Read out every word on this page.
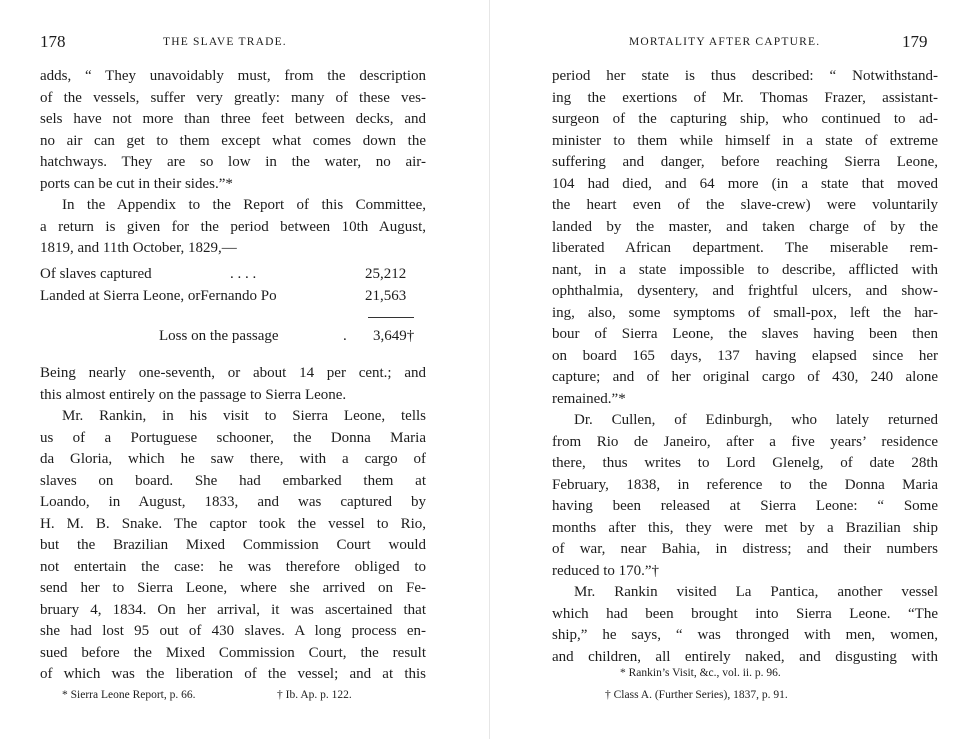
178	THE SLAVE TRADE.
adds, “ They unavoidably must, from the description
of the vessels, suffer very greatly: many of these ves-
sels have not more than three feet between decks, and
no air can get to them except what comes down the
hatchways. They are so low in the water, no air-
ports can be cut in their sides.”*
In the Appendix to the Report of this Committee,
a return is given for the period between 10th August,
1819, and 11th October, 1829,—
Of slaves captured	. . . .	25,212
Landed at Sierra Leone, orFernando Po	21,563
Loss on the passage	. 3,649†
Being nearly one-seventh, or about 14 per cent.; and
this almost entirely on the passage to Sierra Leone.
Mr. Rankin, in his visit to Sierra Leone, tells
us of a Portuguese schooner, the Donna Maria
da Gloria, which he saw there, with a cargo of
slaves on board. She had embarked them at
Loando, in August, 1833, and was captured by
H. M. B. Snake. The captor took the vessel to Rio,
but the Brazilian Mixed Commission Court would
not entertain the case: he was therefore obliged to
send her to Sierra Leone, where she arrived on Fe-
bruary 4, 1834. On her arrival, it was ascertained that
she had lost 95 out of 430 slaves. A long process en-
sued before the Mixed Commission Court, the result
of which was the liberation of the vessel; and at this
* Sierra Leone Report, p. 66.	† Ib. Ap. p. 122.
MORTALITY AFTER CAPTURE.	179
period her state is thus described: “ Notwithstand-
ing the exertions of Mr. Thomas Frazer, assistant-
surgeon of the capturing ship, who continued to ad-
minister to them while himself in a state of extreme
suffering and danger, before reaching Sierra Leone,
104 had died, and 64 more (in a state that moved
the heart even of the slave-crew) were voluntarily
landed by the master, and taken charge of by the
liberated African department. The miserable rem-
nant, in a state impossible to describe, afflicted with
ophthalmia, dysentery, and frightful ulcers, and show-
ing, also, some symptoms of small-pox, left the har-
bour of Sierra Leone, the slaves having been then
on board 165 days, 137 having elapsed since her
capture; and of her original cargo of 430, 240 alone
remained.”*
Dr. Cullen, of Edinburgh, who lately returned
from Rio de Janeiro, after a five years’ residence
there, thus writes to Lord Glenelg, of date 28th
February, 1838, in reference to the Donna Maria
having been released at Sierra Leone: “ Some
months after this, they were met by a Brazilian ship
of war, near Bahia, in distress; and their numbers
reduced to 170.”†
Mr. Rankin visited La Pantica, another vessel
which had been brought into Sierra Leone. “The
ship,” he says, “ was thronged with men, women,
and children, all entirely naked, and disgusting with
* Rankin’s Visit, &c., vol. ii. p. 96.
† Class A. (Further Series), 1837, p. 91.
